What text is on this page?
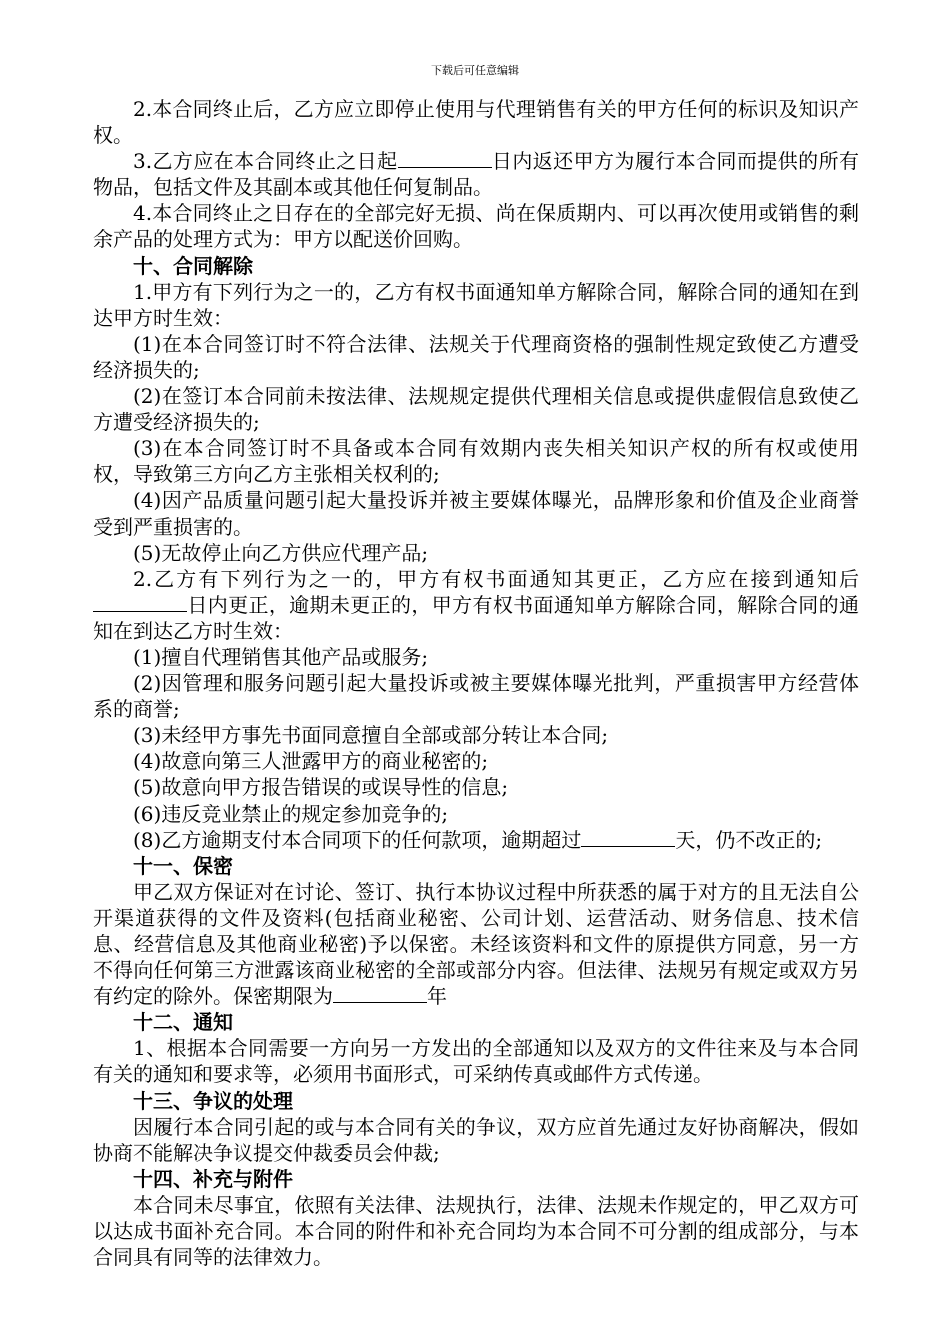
下载后可任意编辑

2.本合同终止后，乙方应立即停止使用与代理销售有关的甲方任何的标识及知识产权。

3.乙方应在本合同终止之日起	日内返还甲方为履行本合同而提供的所有物品，包括文件及其副本或其他任何复制品。

4.本合同终止之日存在的全部完好无损、尚在保质期内、可以再次使用或销售的剩余产品的处理方式为：甲方以配送价回购。

十、合同解除

1.甲方有下列行为之一的，乙方有权书面通知单方解除合同，解除合同的通知在到达甲方时生效：

(1)在本合同签订时不符合法律、法规关于代理商资格的强制性规定致使乙方遭受经济损失的;

(2)在签订本合同前未按法律、法规规定提供代理相关信息或提供虚假信息致使乙方遭受经济损失的;

(3)在本合同签订时不具备或本合同有效期内丧失相关知识产权的所有权或使用权，导致第三方向乙方主张相关权利的;

(4)因产品质量问题引起大量投诉并被主要媒体曝光，品牌形象和价值及企业商誉受到严重损害的。

(5)无故停止向乙方供应代理产品;

2.乙方有下列行为之一的，甲方有权书面通知其更正，乙方应在接到通知后日内更正，逾期未更正的，甲方有权书面通知单方解除合同，解除合同的通知在到达乙方时生效：

(1)擅自代理销售其他产品或服务;

(2)因管理和服务问题引起大量投诉或被主要媒体曝光批判，严重损害甲方经营体系的商誉;

(3)未经甲方事先书面同意擅自全部或部分转让本合同;

(4)故意向第三人泄露甲方的商业秘密的;

(5)故意向甲方报告错误的或误导性的信息;

(6)违反竞业禁止的规定参加竞争的;

(8)乙方逾期支付本合同项下的任何款项，逾期超过	天，仍不改正的;

十一、保密

甲乙双方保证对在讨论、签订、执行本协议过程中所获悉的属于对方的且无法自公开渠道获得的文件及资料(包括商业秘密、公司计划、运营活动、财务信息、技术信息、经营信息及其他商业秘密)予以保密。未经该资料和文件的原提供方同意，另一方不得向任何第三方泄露该商业秘密的全部或部分内容。但法律、法规另有规定或双方另有约定的除外。保密期限为	年

十二、通知

1、根据本合同需要一方向另一方发出的全部通知以及双方的文件往来及与本合同有关的通知和要求等，必须用书面形式，可采纳传真或邮件方式传递。

十三、争议的处理

因履行本合同引起的或与本合同有关的争议，双方应首先通过友好协商解决，假如协商不能解决争议提交仲裁委员会仲裁;

十四、补充与附件

本合同未尽事宜，依照有关法律、法规执行，法律、法规未作规定的，甲乙双方可以达成书面补充合同。本合同的附件和补充合同均为本合同不可分割的组成部分，与本合同具有同等的法律效力。
